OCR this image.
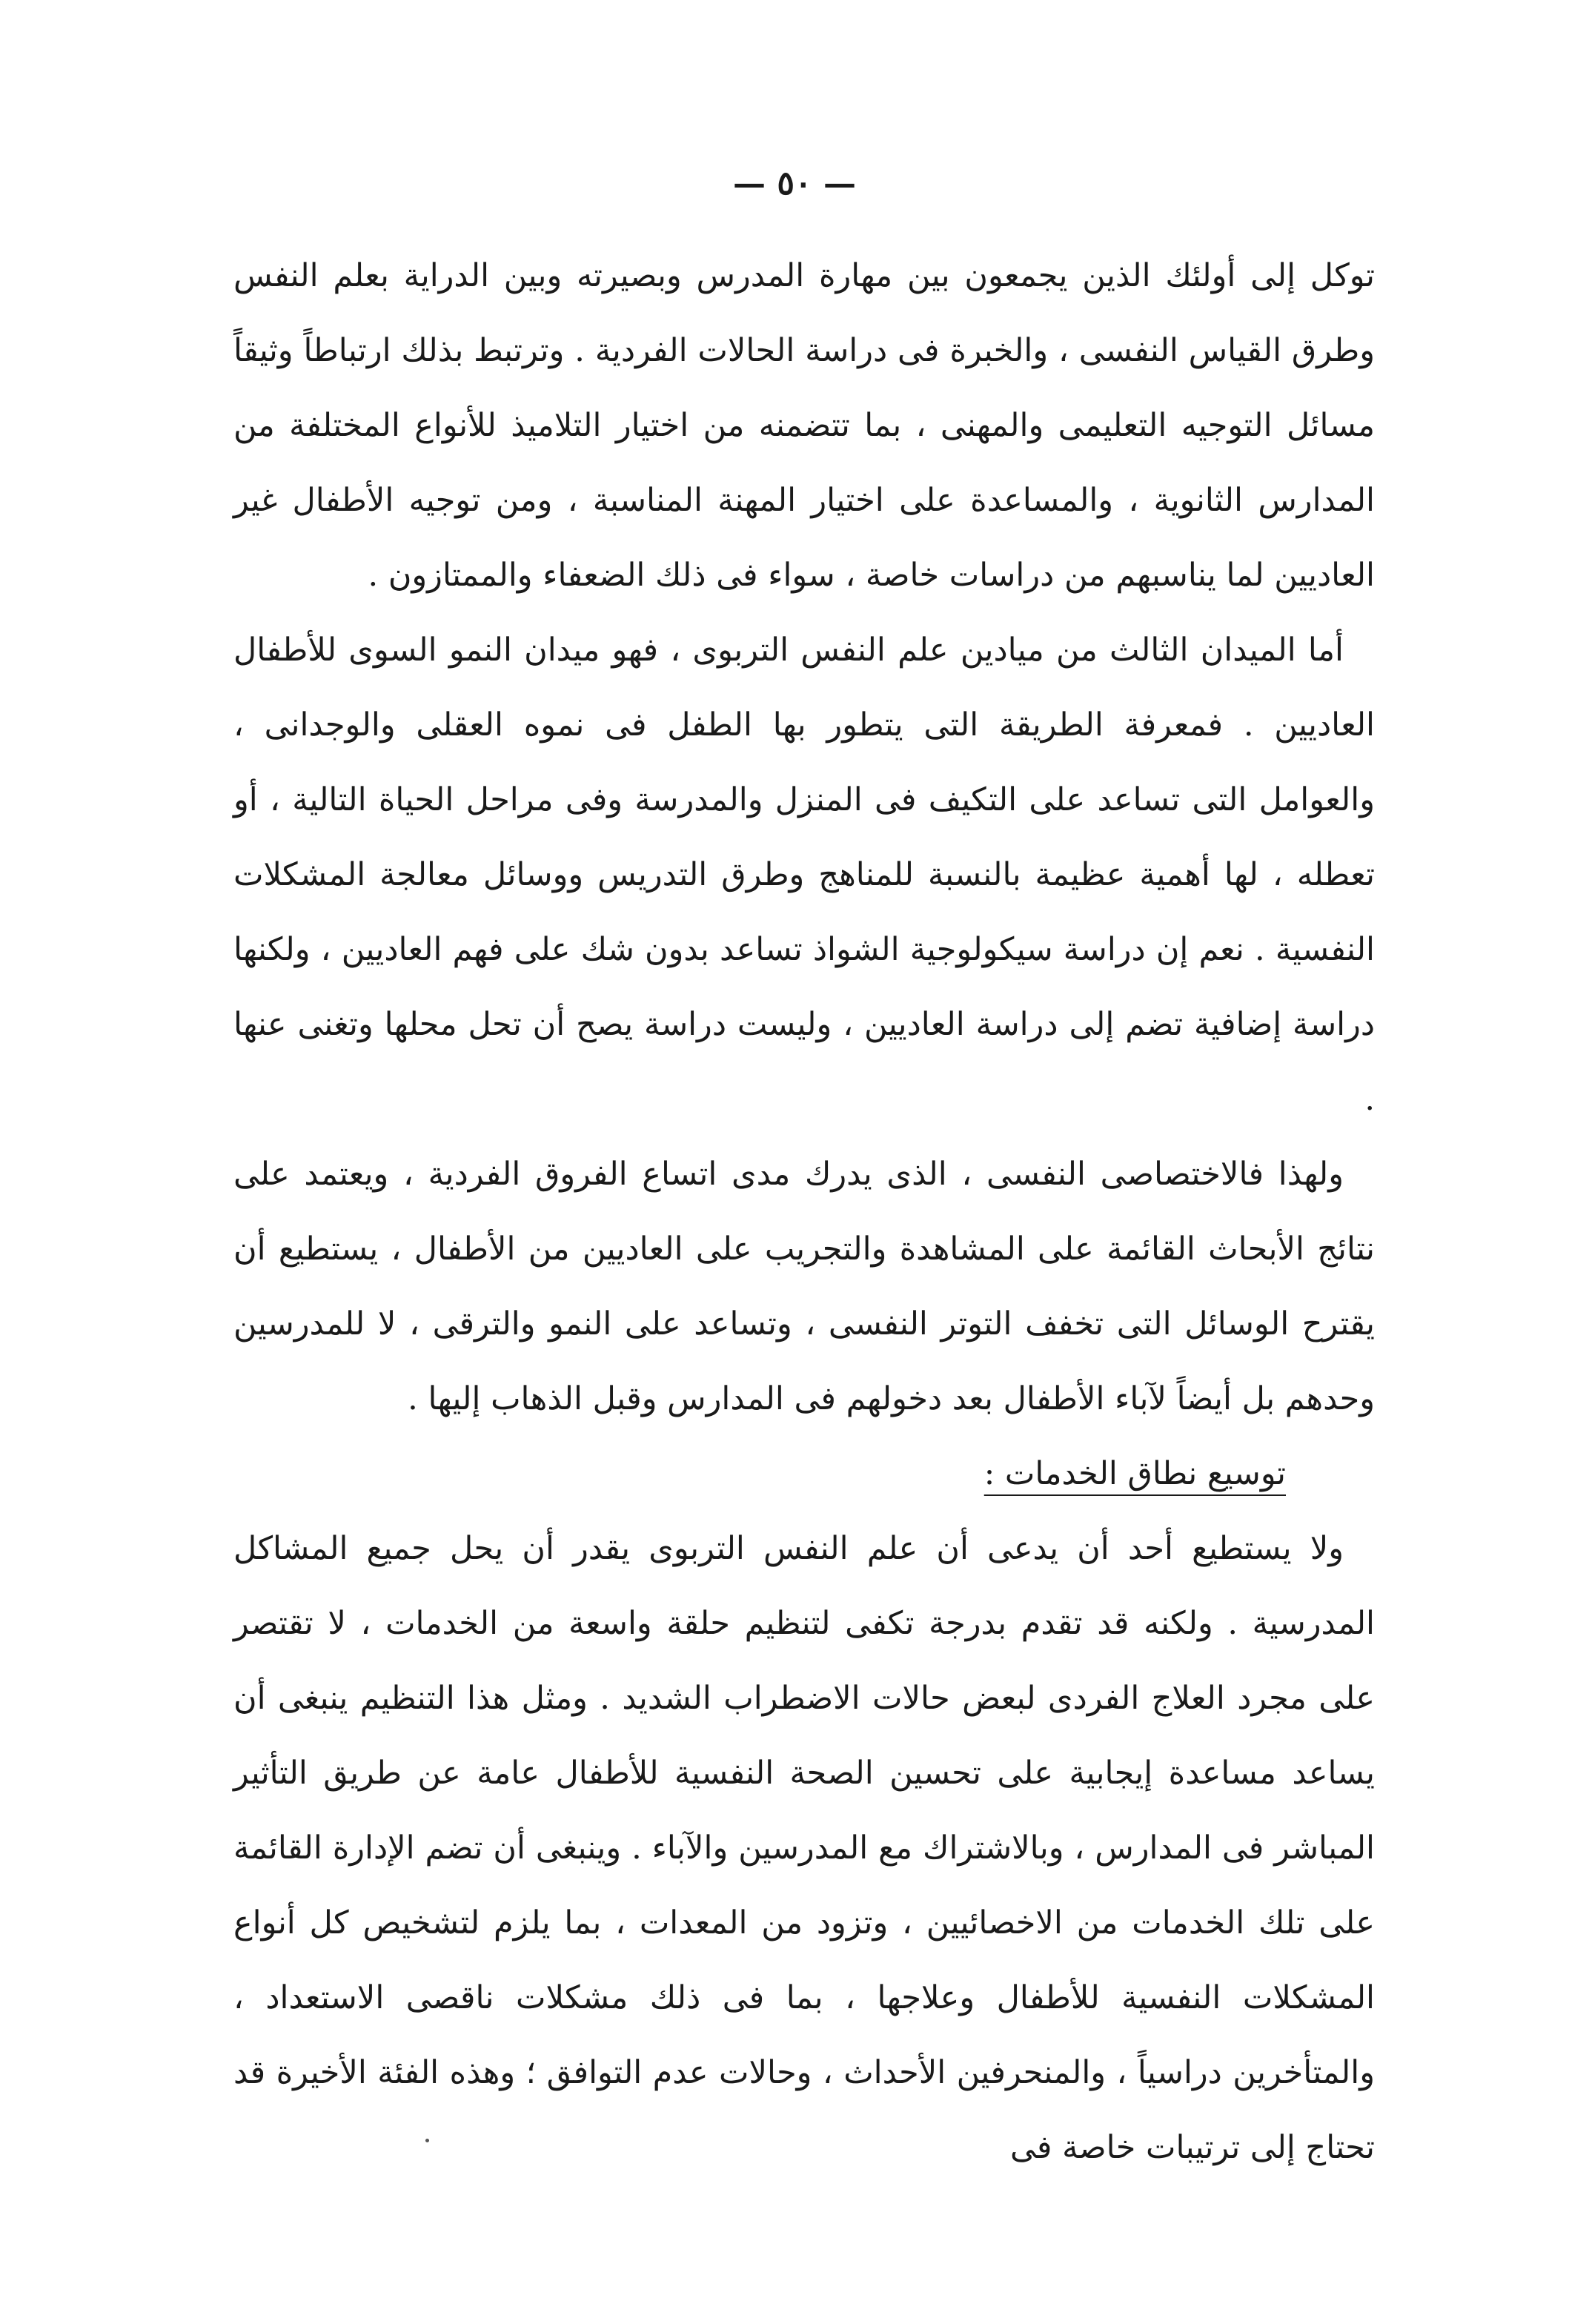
— ٥٠ —

توكل إلى أولئك الذين يجمعون بين مهارة المدرس وبصيرته وبين الدراية بعلم النفس وطرق القياس النفسى ، والخبرة فى دراسة الحالات الفردية . وترتبط بذلك ارتباطاً وثيقاً مسائل التوجيه التعليمى والمهنى ، بما تتضمنه من اختيار التلاميذ للأنواع المختلفة من المدارس الثانوية ، والمساعدة على اختيار المهنة المناسبة ، ومن توجيه الأطفال غير العاديين لما يناسبهم من دراسات خاصة ، سواء فى ذلك الضعفاء والممتازون .

أما الميدان الثالث من ميادين علم النفس التربوى ، فهو ميدان النمو السوى للأطفال العاديين . فمعرفة الطريقة التى يتطور بها الطفل فى نموه العقلى والوجدانى ، والعوامل التى تساعد على التكيف فى المنزل والمدرسة وفى مراحل الحياة التالية ، أو تعطله ، لها أهمية عظيمة بالنسبة للمناهج وطرق التدريس ووسائل معالجة المشكلات النفسية . نعم إن دراسة سيكولوجية الشواذ تساعد بدون شك على فهم العاديين ، ولكنها دراسة إضافية تضم إلى دراسة العاديين ، وليست دراسة يصح أن تحل محلها وتغنى عنها .

ولهذا فالاختصاصى النفسى ، الذى يدرك مدى اتساع الفروق الفردية ، ويعتمد على نتائج الأبحاث القائمة على المشاهدة والتجريب على العاديين من الأطفال ، يستطيع أن يقترح الوسائل التى تخفف التوتر النفسى ، وتساعد على النمو والترقى ، لا للمدرسين وحدهم بل أيضاً لآباء الأطفال بعد دخولهم فى المدارس وقبل الذهاب إليها .

توسيع نطاق الخدمات :

ولا يستطيع أحد أن يدعى أن علم النفس التربوى يقدر أن يحل جميع المشاكل المدرسية . ولكنه قد تقدم بدرجة تكفى لتنظيم حلقة واسعة من الخدمات ، لا تقتصر على مجرد العلاج الفردى لبعض حالات الاضطراب الشديد . ومثل هذا التنظيم ينبغى أن يساعد مساعدة إيجابية على تحسين الصحة النفسية للأطفال عامة عن طريق التأثير المباشر فى المدارس ، وبالاشتراك مع المدرسين والآباء . وينبغى أن تضم الإدارة القائمة على تلك الخدمات من الاخصائيين ، وتزود من المعدات ، بما يلزم لتشخيص كل أنواع المشكلات النفسية للأطفال وعلاجها ، بما فى ذلك مشكلات ناقصى الاستعداد ، والمتأخرين دراسياً ، والمنحرفين الأحداث ، وحالات عدم التوافق ؛ وهذه الفئة الأخيرة قد تحتاج إلى ترتيبات خاصة فى
